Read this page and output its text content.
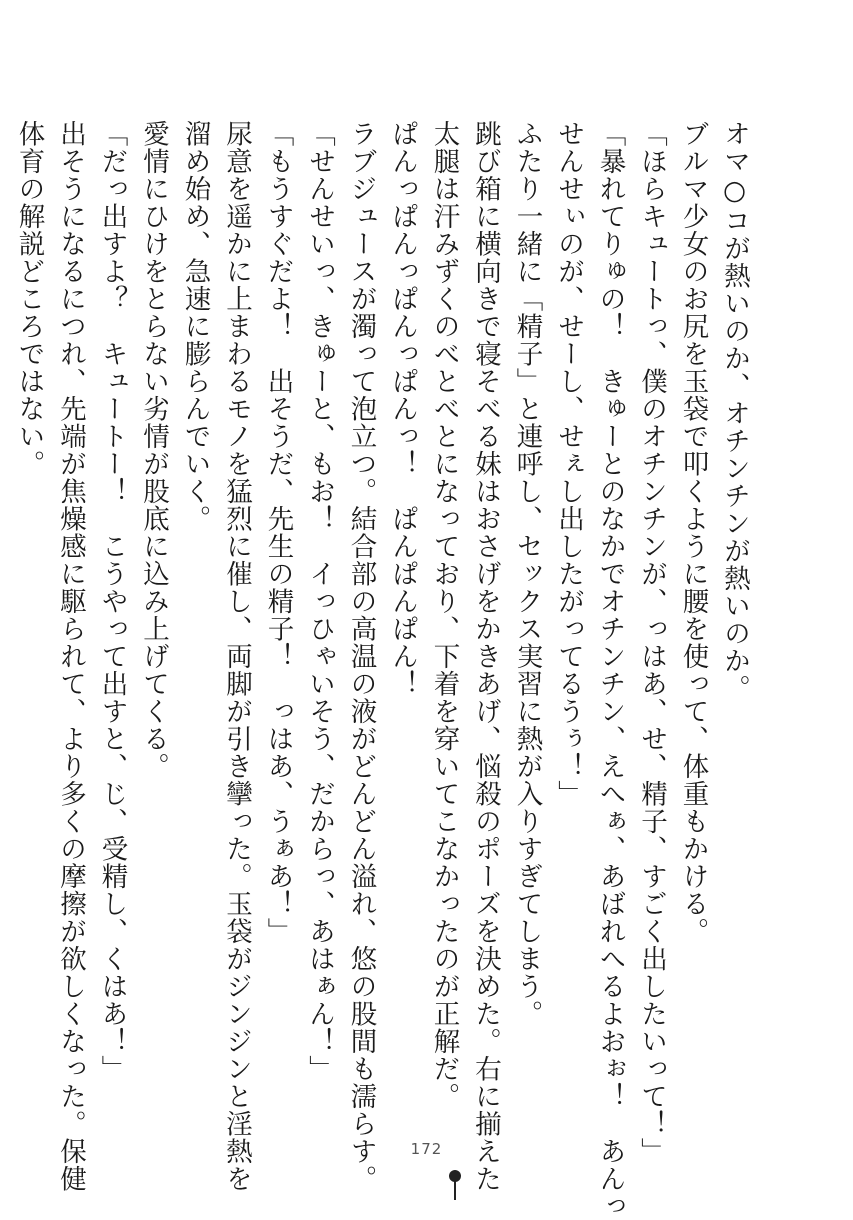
オマ○コが熱いのか、オチンチンが熱いのか。
ブルマ少女のお尻を玉袋で叩くように腰を使って、体重もかける。
「ほらキュートっ、僕のオチンチンが、っはあ、せ、精子、すごく出したいって！」
「暴れてりゅの！　きゅーとのなかでオチンチン、えへぁ、あばれへるよおぉ！　あんっ
せんせぃのが、せーし、せぇし出したがってるうぅ！」
ふたり一緒に「精子」と連呼し、セックス実習に熱が入りすぎてしまう。
跳び箱に横向きで寝そべる妹はおさげをかきあげ、悩殺のポーズを決めた。右に揃えた
太腿は汗みずくのべとべとになっており、下着を穿いてこなかったのが正解だ。
ぱんっぱんっぱんっぱんっ！　ぱんぱんぱん！
ラブジュースが濁って泡立つ。結合部の高温の液がどんどん溢れ、悠の股間も濡らす。
「せんせいっ、きゅーと、もお！　イっひゃいそう、だからっ、あはぁん！」
「もうすぐだよ！　出そうだ、先生の精子！　っはあ、うぁあ！」
尿意を遥かに上まわるモノを猛烈に催し、両脚が引き攣った。玉袋がジンジンと淫熱を
溜め始め、急速に膨らんでいく。
愛情にひけをとらない劣情が股底に込み上げてくる。
「だっ出すよ？　キュートー！　こうやって出すと、じ、受精し、くはあ！」
出そうになるにつれ、先端が焦燥感に駆られて、より多くの摩擦が欲しくなった。保健
体育の解説どころではない。
172
